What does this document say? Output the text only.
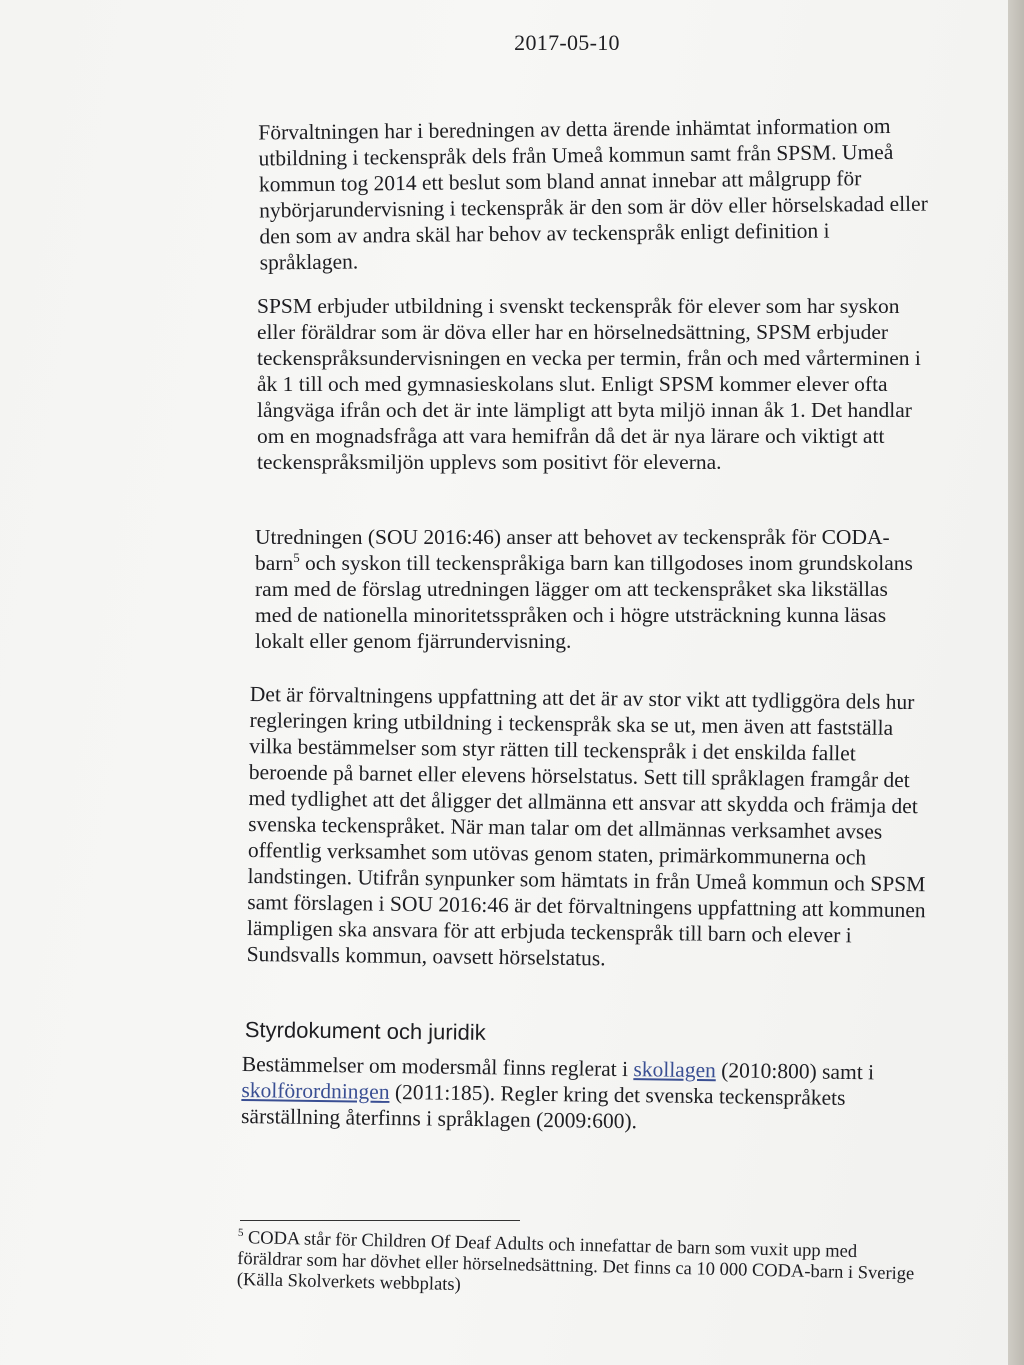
2017-05-10

Förvaltningen har i beredningen av detta ärende inhämtat information om utbildning i teckenspråk dels från Umeå kommun samt från SPSM. Umeå kommun tog 2014 ett beslut som bland annat innebar att målgrupp för nybörjarundervisning i teckenspråk är den som är döv eller hörselskadad eller den som av andra skäl har behov av teckenspråk enligt definition i språklagen.

SPSM erbjuder utbildning i svenskt teckenspråk för elever som har syskon eller föräldrar som är döva eller har en hörselnedsättning, SPSM erbjuder teckenspråksundervisningen en vecka per termin, från och med vårterminen i åk 1 till och med gymnasieskolans slut. Enligt SPSM kommer elever ofta långväga ifrån och det är inte lämpligt att byta miljö innan åk 1. Det handlar om en mognadsfråga att vara hemifrån då det är nya lärare och viktigt att teckenspråksmiljön upplevs som positivt för eleverna.

Utredningen (SOU 2016:46) anser att behovet av teckenspråk för CODA-barn$^5$ och syskon till teckenspråkiga barn kan tillgodoses inom grundskolans ram med de förslag utredningen lägger om att teckenspråket ska likställas med de nationella minoritetsspråken och i högre utsträckning kunna läsas lokalt eller genom fjärrundervisning.

Det är förvaltningens uppfattning att det är av stor vikt att tydliggöra dels hur regleringen kring utbildning i teckenspråk ska se ut, men även att fastställa vilka bestämmelser som styr rätten till teckenspråk i det enskilda fallet beroende på barnet eller elevens hörselstatus. Sett till språklagen framgår det med tydlighet att det åligger det allmänna ett ansvar att skydda och främja det svenska teckenspråket. När man talar om det allmännas verksamhet avses offentlig verksamhet som utövas genom staten, primärkommunerna och landstingen. Utifrån synpunker som hämtats in från Umeå kommun och SPSM samt förslagen i SOU 2016:46 är det förvaltningens uppfattning att kommunen lämpligen ska ansvara för att erbjuda teckenspråk till barn och elever i Sundsvalls kommun, oavsett hörselstatus.

Styrdokument och juridik

Bestämmelser om modersmål finns reglerat i skollagen (2010:800) samt i skolförordningen (2011:185). Regler kring det svenska teckenspråkets särställning återfinns i språklagen (2009:600).

$^5$ CODA står för Children Of Deaf Adults och innefattar de barn som vuxit upp med föräldrar som har dövhet eller hörselnedsättning. Det finns ca 10 000 CODA-barn i Sverige (Källa Skolverkets webbplats)
